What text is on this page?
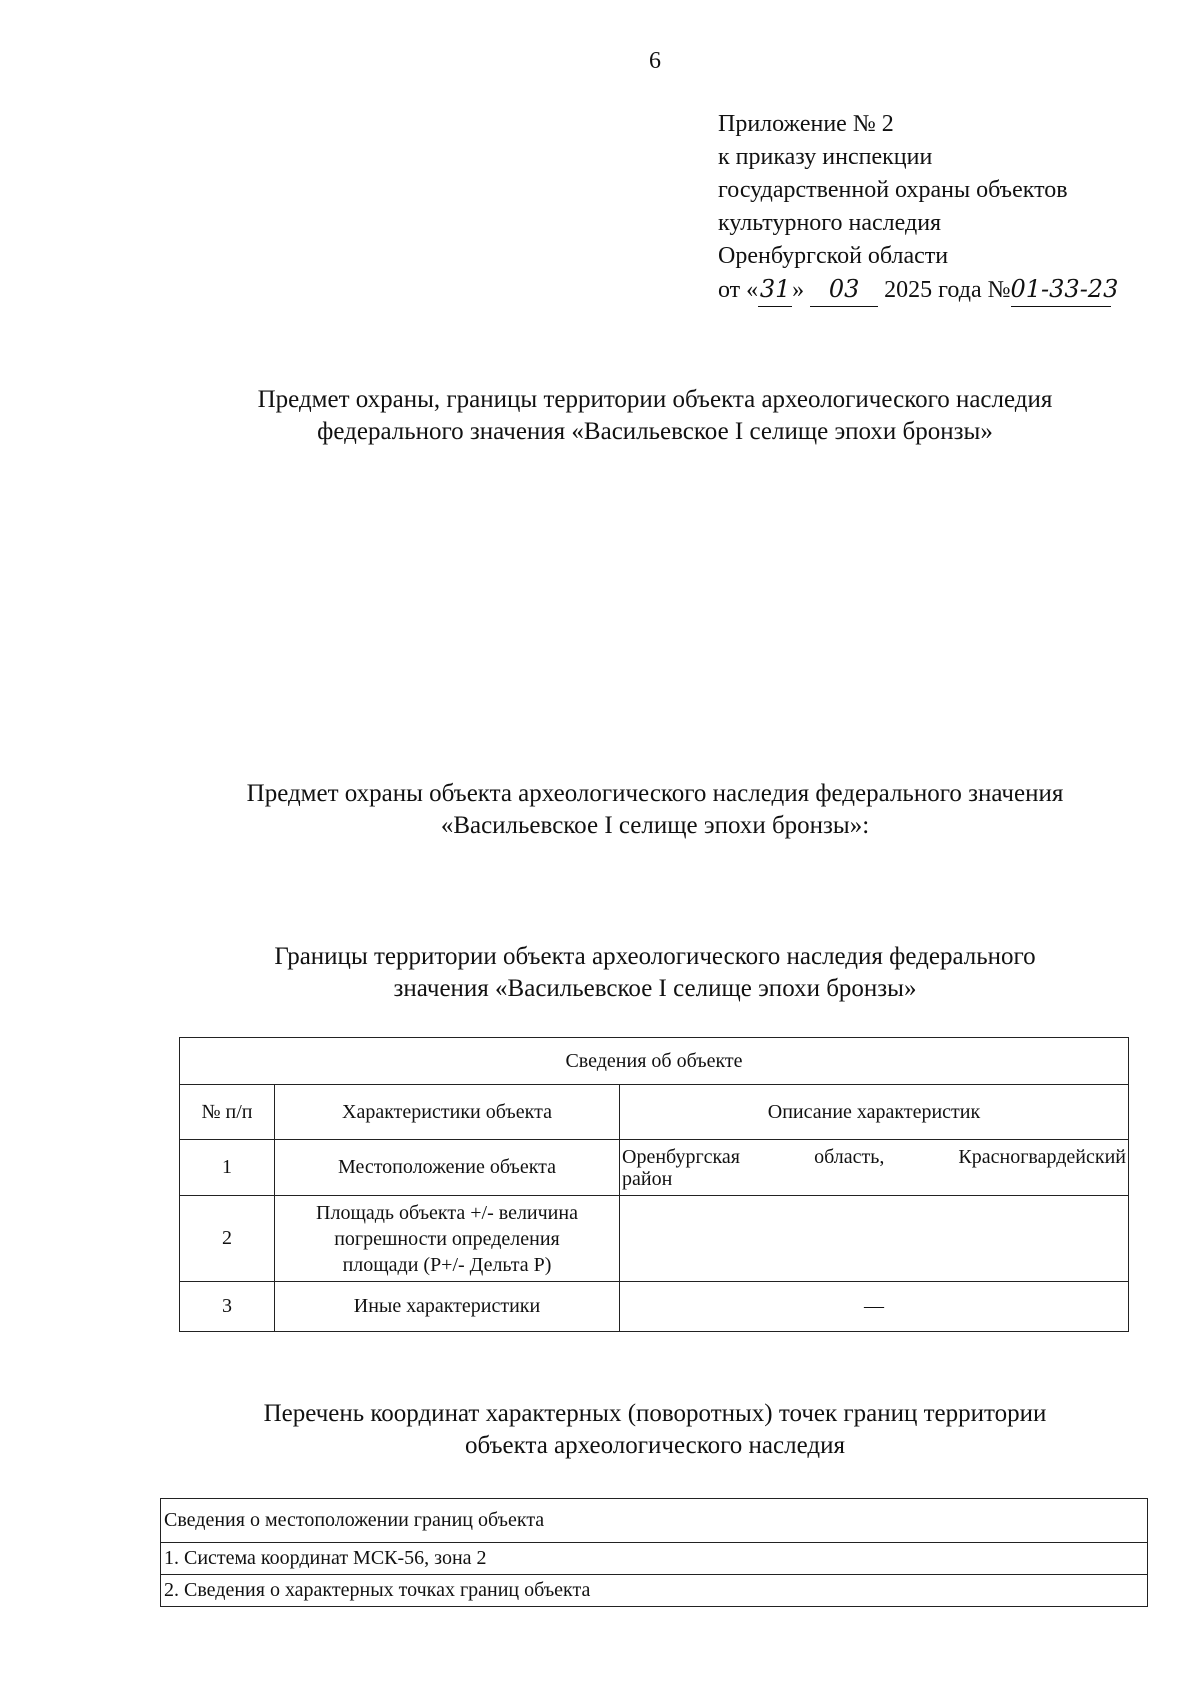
6
Приложение № 2
к приказу инспекции
государственной охраны объектов
культурного наследия
Оренбургской области
от «31» 03 2025 года №01-33-23
Предмет охраны, границы территории объекта археологического наследия
федерального значения «Васильевское I селище эпохи бронзы»
Предмет охраны объекта археологического наследия федерального значения
«Васильевское I селище эпохи бронзы»:
Границы территории объекта археологического наследия федерального
значения «Васильевское I селище эпохи бронзы»
Сведения об объекте		
№ п/п	Характеристики объекта	Описание характеристик
1	Местоположение объекта	Оренбургская область, Красногвардейский
район

2	Площадь объекта +/- величина
погрешности определения
площади (Р+/- Дельта Р)	

3	Иные характеристики	—
Перечень координат характерных (поворотных) точек границ территории
объекта археологического наследия
Сведения о местоположении границ объекта
1. Система координат МСК-56, зона 2
2. Сведения о характерных точках границ объекта
